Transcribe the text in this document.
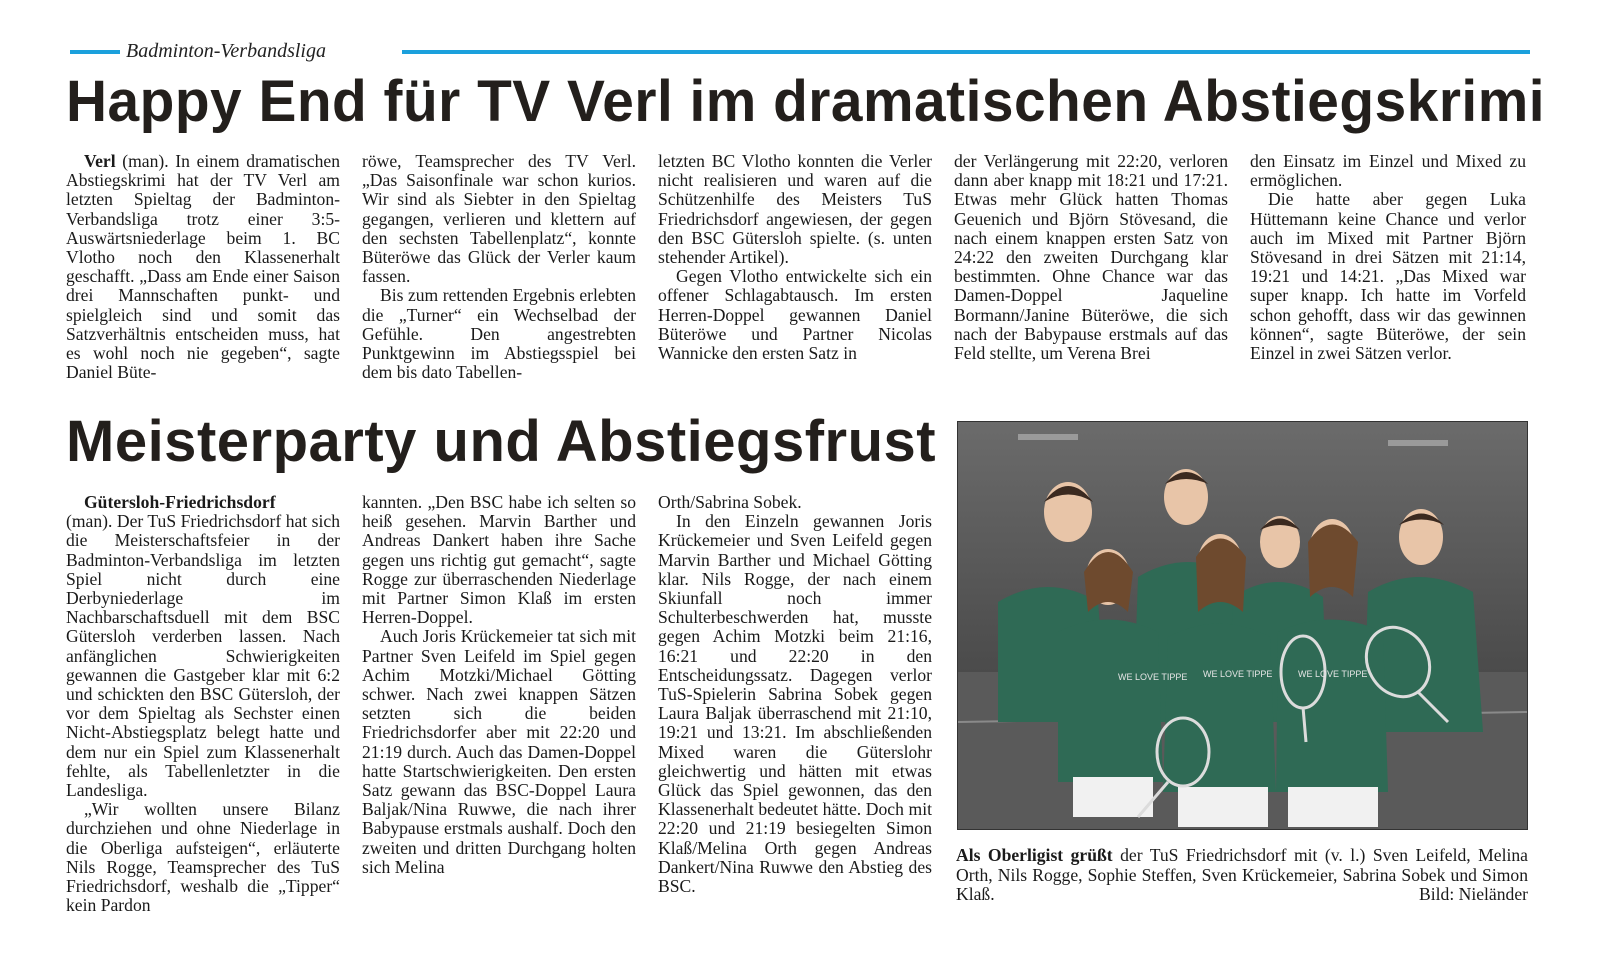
Badminton-Verbandsliga
Happy End für TV Verl im dramatischen Abstiegskrimi

Verl (man). In einem dramatischen Abstiegskrimi hat der TV Verl am letzten Spieltag der Badminton-Verbandsliga trotz einer 3:5-Auswärtsniederlage beim 1. BC Vlotho noch den Klassenerhalt geschafft. „Dass am Ende einer Saison drei Mannschaften punkt- und spielgleich sind und somit das Satzverhältnis entscheiden muss, hat es wohl noch nie gegeben“, sagte Daniel Büte-

röwe, Teamsprecher des TV Verl. „Das Saisonfinale war schon kurios. Wir sind als Siebter in den Spieltag gegangen, verlieren und klettern auf den sechsten Tabellenplatz“, konnte Büteröwe das Glück der Verler kaum fassen.

Bis zum rettenden Ergebnis erlebten die „Turner“ ein Wechselbad der Gefühle. Den angestrebten Punktgewinn im Abstiegsspiel bei dem bis dato Tabellen-

letzten BC Vlotho konnten die Verler nicht realisieren und waren auf die Schützenhilfe des Meisters TuS Friedrichsdorf angewiesen, der gegen den BSC Gütersloh spielte. (s. unten stehender Artikel).

Gegen Vlotho entwickelte sich ein offener Schlagabtausch. Im ersten Herren-Doppel gewannen Daniel Büteröwe und Partner Nicolas Wannicke den ersten Satz in

der Verlängerung mit 22:20, verloren dann aber knapp mit 18:21 und 17:21. Etwas mehr Glück hatten Thomas Geuenich und Björn Stövesand, die nach einem knappen ersten Satz von 24:22 den zweiten Durchgang klar bestimmten. Ohne Chance war das Damen-Doppel Jaqueline Bormann/Janine Büteröwe, die sich nach der Babypause erstmals auf das Feld stellte, um Verena Brei

den Einsatz im Einzel und Mixed zu ermöglichen.

Die hatte aber gegen Luka Hüttemann keine Chance und verlor auch im Mixed mit Partner Björn Stövesand in drei Sätzen mit 21:14, 19:21 und 14:21. „Das Mixed war super knapp. Ich hatte im Vorfeld schon gehofft, dass wir das gewinnen können“, sagte Büteröwe, der sein Einzel in zwei Sätzen verlor.

Meisterparty und Abstiegsfrust

Gütersloh-Friedrichsdorf

(man). Der TuS Friedrichsdorf hat sich die Meisterschaftsfeier in der Badminton-Verbandsliga im letzten Spiel nicht durch eine Derbyniederlage im Nachbarschaftsduell mit dem BSC Gütersloh verderben lassen. Nach anfänglichen Schwierigkeiten gewannen die Gastgeber klar mit 6:2 und schickten den BSC Gütersloh, der vor dem Spieltag als Sechster einen Nicht-Abstiegsplatz belegt hatte und dem nur ein Spiel zum Klassenerhalt fehlte, als Tabellenletzter in die Landesliga.

„Wir wollten unsere Bilanz durchziehen und ohne Niederlage in die Oberliga aufsteigen“, erläuterte Nils Rogge, Teamsprecher des TuS Friedrichsdorf, weshalb die „Tipper“ kein Pardon

kannten. „Den BSC habe ich selten so heiß gesehen. Marvin Barther und Andreas Dankert haben ihre Sache gegen uns richtig gut gemacht“, sagte Rogge zur überraschenden Niederlage mit Partner Simon Klaß im ersten Herren-Doppel.

Auch Joris Krückemeier tat sich mit Partner Sven Leifeld im Spiel gegen Achim Motzki/Michael Götting schwer. Nach zwei knappen Sätzen setzten sich die beiden Friedrichsdorfer aber mit 22:20 und 21:19 durch. Auch das Damen-Doppel hatte Startschwierigkeiten. Den ersten Satz gewann das BSC-Doppel Laura Baljak/Nina Ruwwe, die nach ihrer Babypause erstmals aushalf. Doch den zweiten und dritten Durchgang holten sich Melina

Orth/Sabrina Sobek.

In den Einzeln gewannen Joris Krückemeier und Sven Leifeld gegen Marvin Barther und Michael Götting klar. Nils Rogge, der nach einem Skiunfall noch immer Schulterbeschwerden hat, musste gegen Achim Motzki beim 21:16, 16:21 und 22:20 in den Entscheidungssatz. Dagegen verlor TuS-Spielerin Sabrina Sobek gegen Laura Baljak überraschend mit 21:10, 19:21 und 13:21. Im abschließenden Mixed waren die Güterslohr gleichwertig und hätten mit etwas Glück das Spiel gewonnen, das den Klassenerhalt bedeutet hätte. Doch mit 22:20 und 21:19 besiegelten Simon Klaß/Melina Orth gegen Andreas Dankert/Nina Ruwwe den Abstieg des BSC.

WE LOVE TIPPE WE LOVE TIPPE	WE LOVE TIPPE
Als Oberligist grüßt der TuS Friedrichsdorf mit (v. l.) Sven Leifeld, Melina Orth, Nils Rogge, Sophie Steffen, Sven Krückemeier, Sabrina Sobek und Simon Klaß.	Bild: Nieländer
